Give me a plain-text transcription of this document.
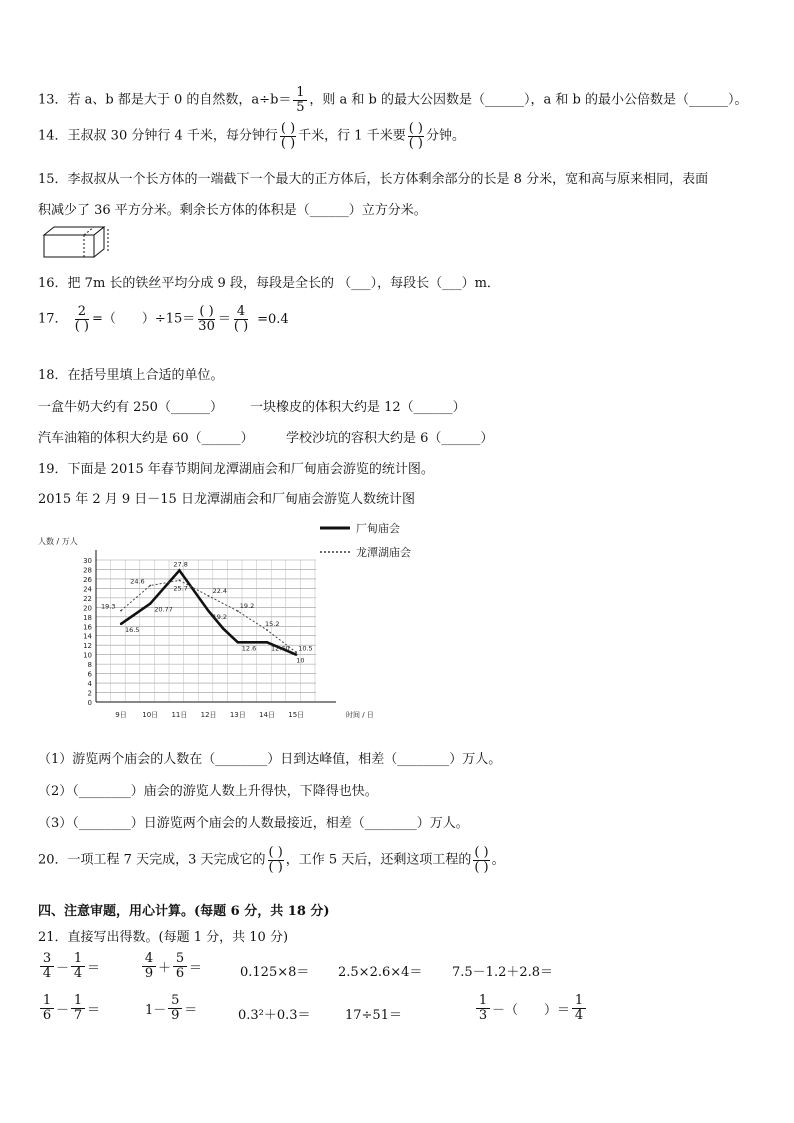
13．若 a、b 都是大于 0 的自然数，$a\div b= \frac{1}{5}$ ，则 a 和 b 的最大公因数是（______），a 和 b 的最小公倍数是（______）。
14．王叔叔 30 分钟行 4 千米，每分钟行 $\frac{( )}{( )}$ 千米，行 1 千米要 $\frac{( )}{( )}$ 分钟。
15．李叔叔从一个长方体的一端截下一个最大的正方体后，长方体剩余部分的长是 8 分米，宽和高与原来相同，表面
积减少了 36 平方分米。剩余长方体的体积是（______）立方分米。
16．把 7m 长的铁丝平均分成 9 段，每段是全长的 （___），每段长（___）m．
17． $\frac{2}{( )}$ =（　　）$\div 15= \frac{( )}{30} = \frac{4}{( )} =0.4$
18．在括号里填上合适的单位。
一盒牛奶大约有 250（______） 一块橡皮的体积大约是 12（______）
汽车油箱的体积大约是 60（______） 学校沙坑的容积大约是 6（______）
19．下面是 2015 年春节期间龙潭湖庙会和厂甸庙会游览的统计图。
2015 年 2 月 9 日－15 日龙潭湖庙会和厂甸庙会游览人数统计图
0
2
4
6
8
10
12
14
16
18
20
22
24
26
28
30
人数 / 万人
时间 / 日
9日 10日 11日 12日 13日 14日 15日
16.5
20.77
27.8
19.2
12.6 12.60
10
19.3
24.6
25.7	22.4
19.2
15.2
10.5
厂甸庙会
龙潭湖庙会
（1）游览两个庙会的人数在（________）日到达峰值，相差（________）万人。
（2）（________）庙会的游览人数上升得快，下降得也快。
（3）（________）日游览两个庙会的人数最接近，相差（________）万人。
20．一项工程 7 天完成，3 天完成它的 $\frac{( )}{( )}$ ，工作 5 天后，还剩这项工程的 $\frac{( )}{( )}$ 。
四、注意审题，用心计算。(每题 6 分，共 18 分)
21．直接写出得数。(每题 1 分，共 10 分)
$\frac{3}{4} - \frac{1}{4}$ ＝	$\frac{4}{9} + \frac{5}{6}$ ＝	0.125×8＝ 2.5×2.6×4＝ 7.5－1.2＋2.8＝
$\frac{1}{6} - \frac{1}{7}$ ＝	$1- \frac{5}{9}$ ＝	0.3²＋0.3＝	17÷51＝	$\frac{1}{3}$ －（　　）＝ $\frac{1}{4}$
